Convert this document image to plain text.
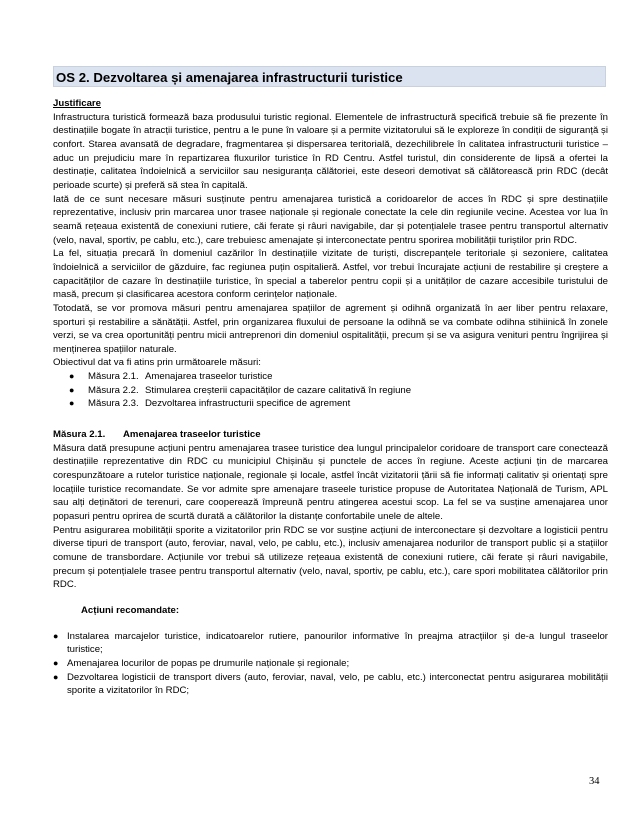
OS 2. Dezvoltarea și amenajarea infrastructurii turistice

Justificare

Infrastructura turistică formează baza produsului turistic regional. Elementele de infrastructură specifică trebuie să fie prezente în destinațiile bogate în atracții turistice, pentru a le pune în valoare și a permite vizitatorului să le exploreze în condiții de siguranță și confort. Starea avansată de degradare, fragmentarea și dispersarea teritorială, dezechilibrele în calitatea infrastructurii turistice – aduc un prejudiciu mare în repartizarea fluxurilor turistice în RD Centru. Astfel turistul, din considerente de lipsă a ofertei la destinație, calitatea îndoielnică a serviciilor sau nesiguranța călătoriei, este deseori demotivat să călătorească prin RDC (decât perioade scurte) și preferă să stea în capitală.

Iată de ce sunt necesare măsuri susținute pentru amenajarea turistică a coridoarelor de acces în RDC și spre destinațiile reprezentative, inclusiv prin marcarea unor trasee naționale și regionale conectate la cele din regiunile vecine. Acestea vor lua în seamă rețeaua existentă de conexiuni rutiere, căi ferate și râuri navigabile, dar și potențialele trasee pentru transportul alternativ (velo, naval, sportiv, pe cablu, etc.), care trebuiesc amenajate și interconectate pentru sporirea mobilității turiștilor prin RDC.

La fel, situația precară în domeniul cazărilor în destinațiile vizitate de turiști, discrepanțele teritoriale și sezoniere, calitatea îndoielnică a serviciilor de găzduire, fac regiunea puțin ospitalieră. Astfel, vor trebui încurajate acțiuni de restabilire și creștere a capacităților de cazare în destinațiile turistice, în special a taberelor pentru copii și a unităților de cazare accesibile turistului de masă, precum și clasificarea acestora conform cerințelor naționale.

Totodată, se vor promova măsuri pentru amenajarea spațiilor de agrement și odihnă organizată în aer liber pentru relaxare, sporturi și restabilire a sănătății. Astfel, prin organizarea fluxului de persoane la odihnă se va combate odihna stihiinică în zonele verzi, se va crea oportunități pentru micii antreprenori din domeniul ospitalității, precum și se va asigura venituri pentru îngrijirea și menținerea spațiilor naturale.

Obiectivul dat va fi atins prin următoarele măsuri:

●	Măsura 2.1. Amenajarea traseelor turistice
●	Măsura 2.2. Stimularea creșterii capacităților de cazare calitativă în regiune
●	Măsura 2.3. Dezvoltarea infrastructurii specifice de agrement

Măsura 2.1.	Amenajarea traseelor turistice

Măsura dată presupune acțiuni pentru amenajarea trasee turistice dea lungul principalelor coridoare de transport care conectează destinațiile reprezentative din RDC cu municipiul Chișinău și punctele de acces în regiune. Aceste acțiuni țin de marcarea corespunzătoare a rutelor turistice naționale, regionale și locale, astfel încât vizitatorii țării să fie informați calitativ și orientați spre locațiile turistice recomandate. Se vor admite spre amenajare traseele turistice propuse de Autoritatea Națională de Turism, APL sau alți deținători de terenuri, care cooperează împreună pentru atingerea acestui scop. La fel se va susține amenajarea unor popasuri pentru oprirea de scurtă durată a călătorilor la distanțe confortabile unele de altele.

Pentru asigurarea mobilității sporite a vizitatorilor prin RDC se vor susține acțiuni de interconectare și dezvoltare a logisticii pentru diverse tipuri de transport (auto, feroviar, naval, velo, pe cablu, etc.), inclusiv amenajarea nodurilor de transport public și a stațiilor comune de transbordare. Acțiunile vor trebui să utilizeze rețeaua existentă de conexiuni rutiere, căi ferate și râuri navigabile, precum și potențialele trasee pentru transportul alternativ (velo, naval, sportiv, pe cablu, etc.), care spori mobilitatea călătorilor prin RDC.

Acțiuni recomandate:

● Instalarea marcajelor turistice, indicatoarelor rutiere, panourilor informative în preajma atracțiilor și de-a lungul traseelor turistice;
● Amenajarea locurilor de popas pe drumurile naționale și regionale;
● Dezvoltarea logisticii de transport divers (auto, feroviar, naval, velo, pe cablu, etc.) interconectat pentru asigurarea mobilității sporite a vizitatorilor în RDC;
34
